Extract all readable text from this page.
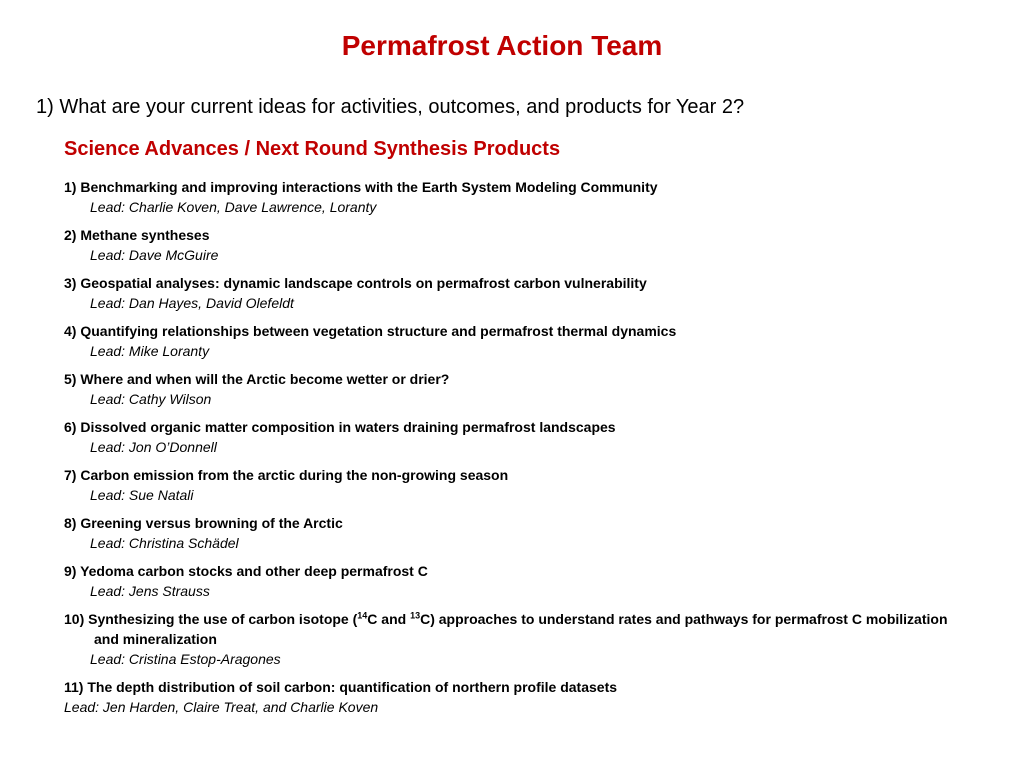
Permafrost Action Team
1) What are your current ideas for activities, outcomes, and products for Year 2?
Science Advances / Next Round Synthesis Products
1) Benchmarking and improving interactions with the Earth System Modeling Community
Lead: Charlie Koven, Dave Lawrence, Loranty
2) Methane syntheses
Lead: Dave McGuire
3) Geospatial analyses: dynamic landscape controls on permafrost carbon vulnerability
Lead: Dan Hayes, David Olefeldt
4) Quantifying relationships between vegetation structure and permafrost thermal dynamics
Lead: Mike Loranty
5) Where and when will the Arctic become wetter or drier?
Lead: Cathy Wilson
6) Dissolved organic matter composition in waters draining permafrost landscapes
Lead: Jon O’Donnell
7) Carbon emission from the arctic during the non-growing season
Lead: Sue Natali
8) Greening versus browning of the Arctic
Lead: Christina Schädel
9) Yedoma carbon stocks and other deep permafrost C
Lead: Jens Strauss
10) Synthesizing the use of carbon isotope ($^{14}$C and $^{13}$C) approaches to understand rates and pathways for permafrost C mobilization
and mineralization
Lead: Cristina Estop-Aragones
11) The depth distribution of soil carbon: quantification of northern profile datasets
Lead: Jen Harden, Claire Treat, and Charlie Koven
